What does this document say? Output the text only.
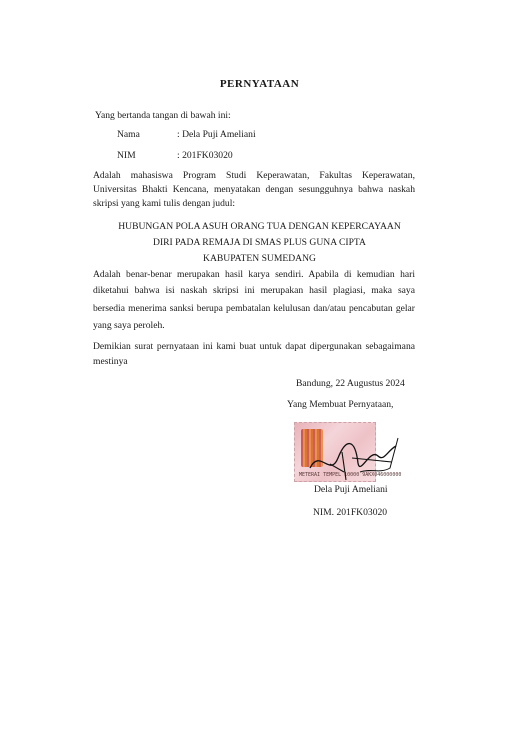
PERNYATAAN
Yang bertanda tangan di bawah ini:
Nama	: Dela Puji Ameliani
NIM	: 201FK03020
Adalah mahasiswa Program Studi Keperawatan, Fakultas Keperawatan,
Universitas Bhakti Kencana, menyatakan dengan sesungguhnya bahwa naskah
skripsi yang kami tulis dengan judul:
HUBUNGAN POLA ASUH ORANG TUA DENGAN KEPERCAYAAN
DIRI PADA REMAJA DI SMAS PLUS GUNA CIPTA
KABUPATEN SUMEDANG
Adalah benar-benar merupakan hasil karya sendiri. Apabila di kemudian hari
diketahui bahwa isi naskah skripsi ini merupakan hasil plagiasi, maka saya
bersedia menerima sanksi berupa pembatalan kelulusan dan/atau pencabutan gelar
yang saya peroleh.
Demikian surat pernyataan ini kami buat untuk dapat dipergunakan sebagaimana
mestinya
Bandung, 22 Augustus 2024
Yang Membuat Pernyataan,
METERAI TEMPEL 10000 9AKX046000000
Dela Puji Ameliani
NIM. 201FK03020
